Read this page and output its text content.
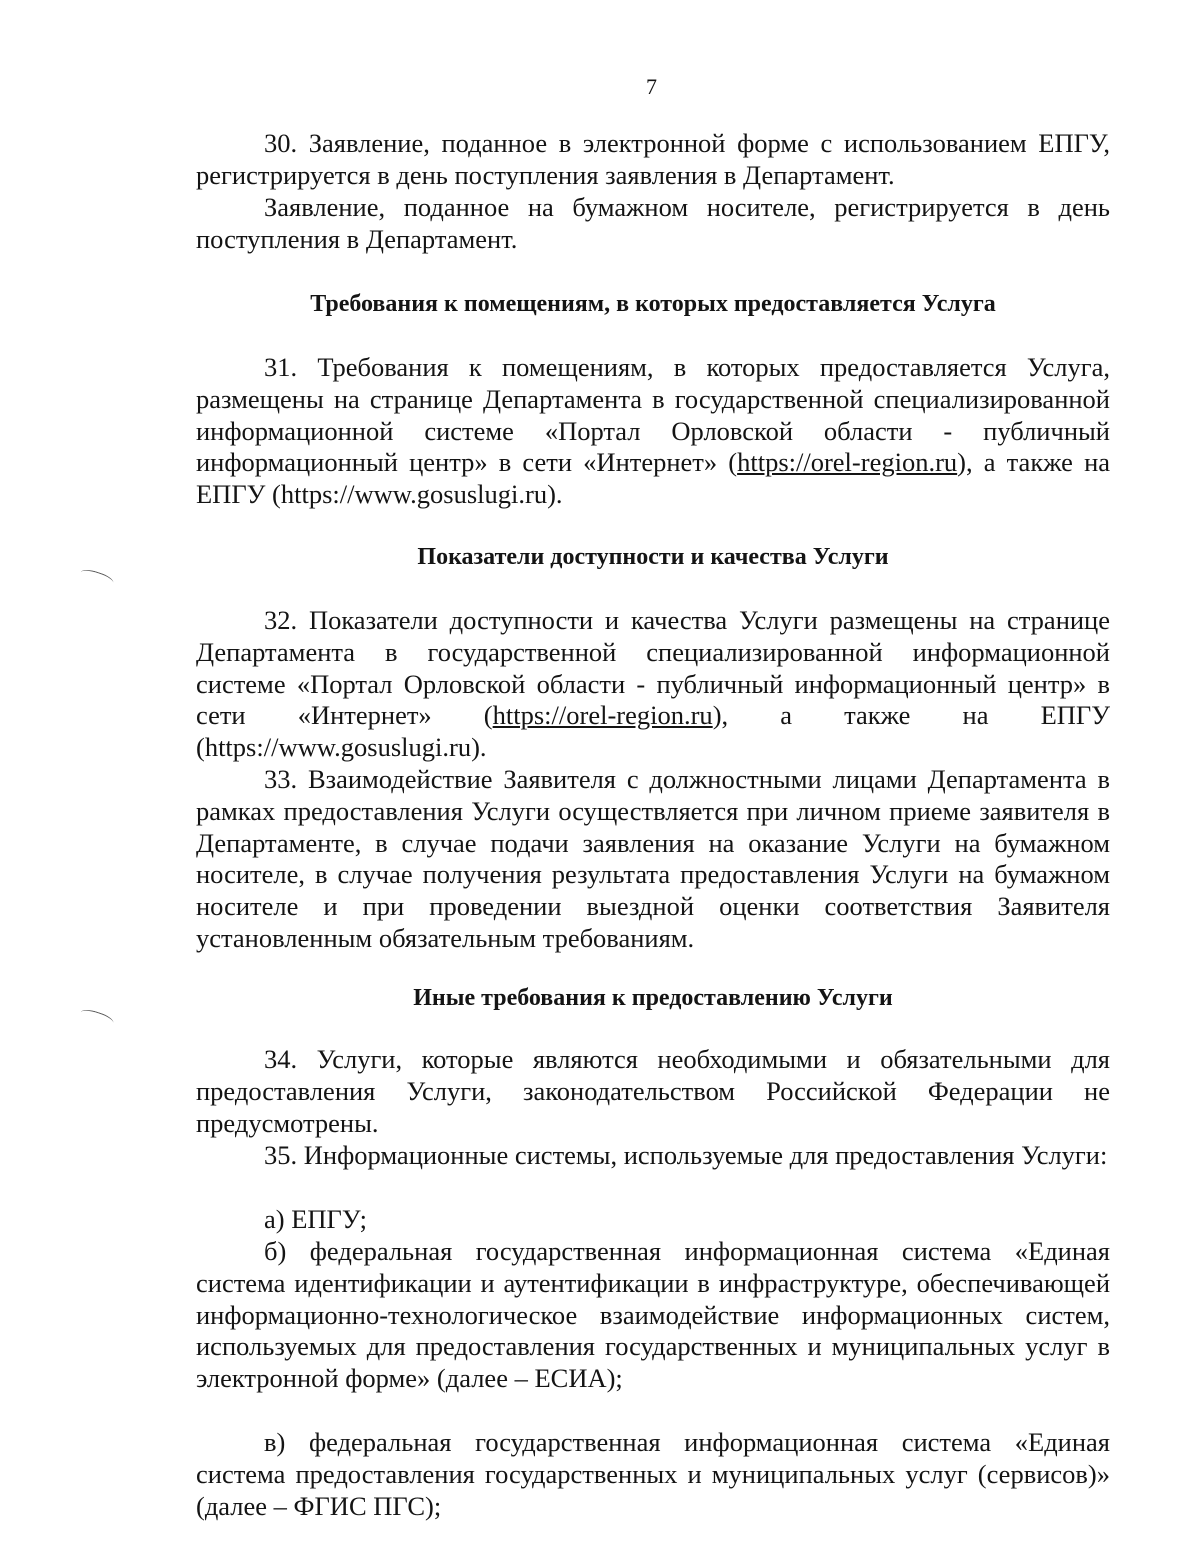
7

30. Заявление, поданное в электронной форме с использованием ЕПГУ, регистрируется в день поступления заявления в Департамент.

Заявление, поданное на бумажном носителе, регистрируется в день поступления в Департамент.

Требования к помещениям, в которых предоставляется Услуга

31. Требования к помещениям, в которых предоставляется Услуга, размещены на странице Департамента в государственной специализированной информационной системе «Портал Орловской области - публичный информационный центр» в сети «Интернет» (https://orel-region.ru), а также на ЕПГУ (https://www.gosuslugi.ru).

Показатели доступности и качества Услуги

32. Показатели доступности и качества Услуги размещены на странице Департамента в государственной специализированной информационной системе «Портал Орловской области - публичный информационный центр» в сети «Интернет» (https://orel-region.ru), а также на ЕПГУ (https://www.gosuslugi.ru).

33. Взаимодействие Заявителя с должностными лицами Департамента в рамках предоставления Услуги осуществляется при личном приеме заявителя в Департаменте, в случае подачи заявления на оказание Услуги на бумажном носителе, в случае получения результата предоставления Услуги на бумажном носителе и при проведении выездной оценки соответствия Заявителя установленным обязательным требованиям.

Иные требования к предоставлению Услуги

34. Услуги, которые являются необходимыми и обязательными для предоставления Услуги, законодательством Российской Федерации не предусмотрены.

35. Информационные системы, используемые для предоставления Услуги:

а) ЕПГУ;

б) федеральная государственная информационная система «Единая система идентификации и аутентификации в инфраструктуре, обеспечивающей информационно-технологическое взаимодействие информационных систем, используемых для предоставления государственных и муниципальных услуг в электронной форме» (далее – ЕСИА);

в) федеральная государственная информационная система «Единая система предоставления государственных и муниципальных услуг (сервисов)» (далее – ФГИС ПГС);
